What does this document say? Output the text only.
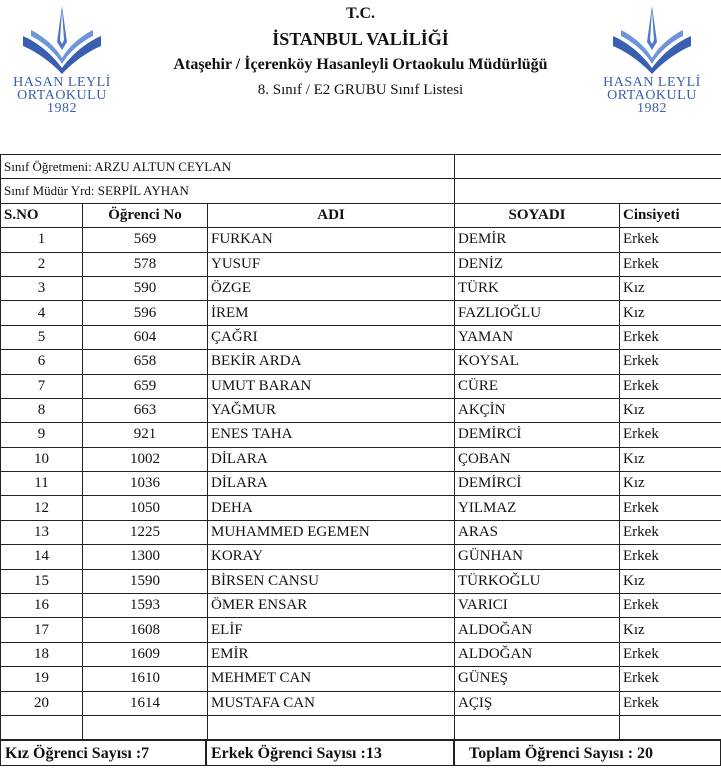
T.C.
İSTANBUL VALİLİĞİ
Ataşehir / İçerenköy Hasanleyli Ortaokulu Müdürlüğü
8. Sınıf / E2 GRUBU Sınıf Listesi
HASAN LEYLİ
ORTAOKULU
1982
HASAN LEYLİ
ORTAOKULU
1982
Sınıf Öğretmeni: ARZU ALTUN CEYLAN				
Sınıf Müdür Yrd: SERPİL AYHAN				
S.NO	Öğrenci No	ADI	SOYADI	Cinsiyeti
1	569	FURKAN	DEMİR	Erkek
2	578	YUSUF	DENİZ	Erkek
3	590	ÖZGE	TÜRK	Kız
4	596	İREM	FAZLIOĞLU	Kız
5	604	ÇAĞRI	YAMAN	Erkek
6	658	BEKİR ARDA	KOYSAL	Erkek
7	659	UMUT BARAN	CÜRE	Erkek
8	663	YAĞMUR	AKÇİN	Kız
9	921	ENES TAHA	DEMİRCİ	Erkek
10	1002	DİLARA	ÇOBAN	Kız
11	1036	DİLARA	DEMİRCİ	Kız
12	1050	DEHA	YILMAZ	Erkek
13	1225	MUHAMMED EGEMEN	ARAS	Erkek
14	1300	KORAY	GÜNHAN	Erkek
15	1590	BİRSEN CANSU	TÜRKOĞLU	Kız
16	1593	ÖMER ENSAR	VARICI	Erkek
17	1608	ELİF	ALDOĞAN	Kız
18	1609	EMİR	ALDOĞAN	Erkek
19	1610	MEHMET CAN	GÜNEŞ	Erkek
20	1614	MUSTAFA CAN	AÇIŞ	Erkek

Kız Öğrenci Sayısı :7	Erkek Öğrenci Sayısı :13	Toplam Öğrenci Sayısı : 20
